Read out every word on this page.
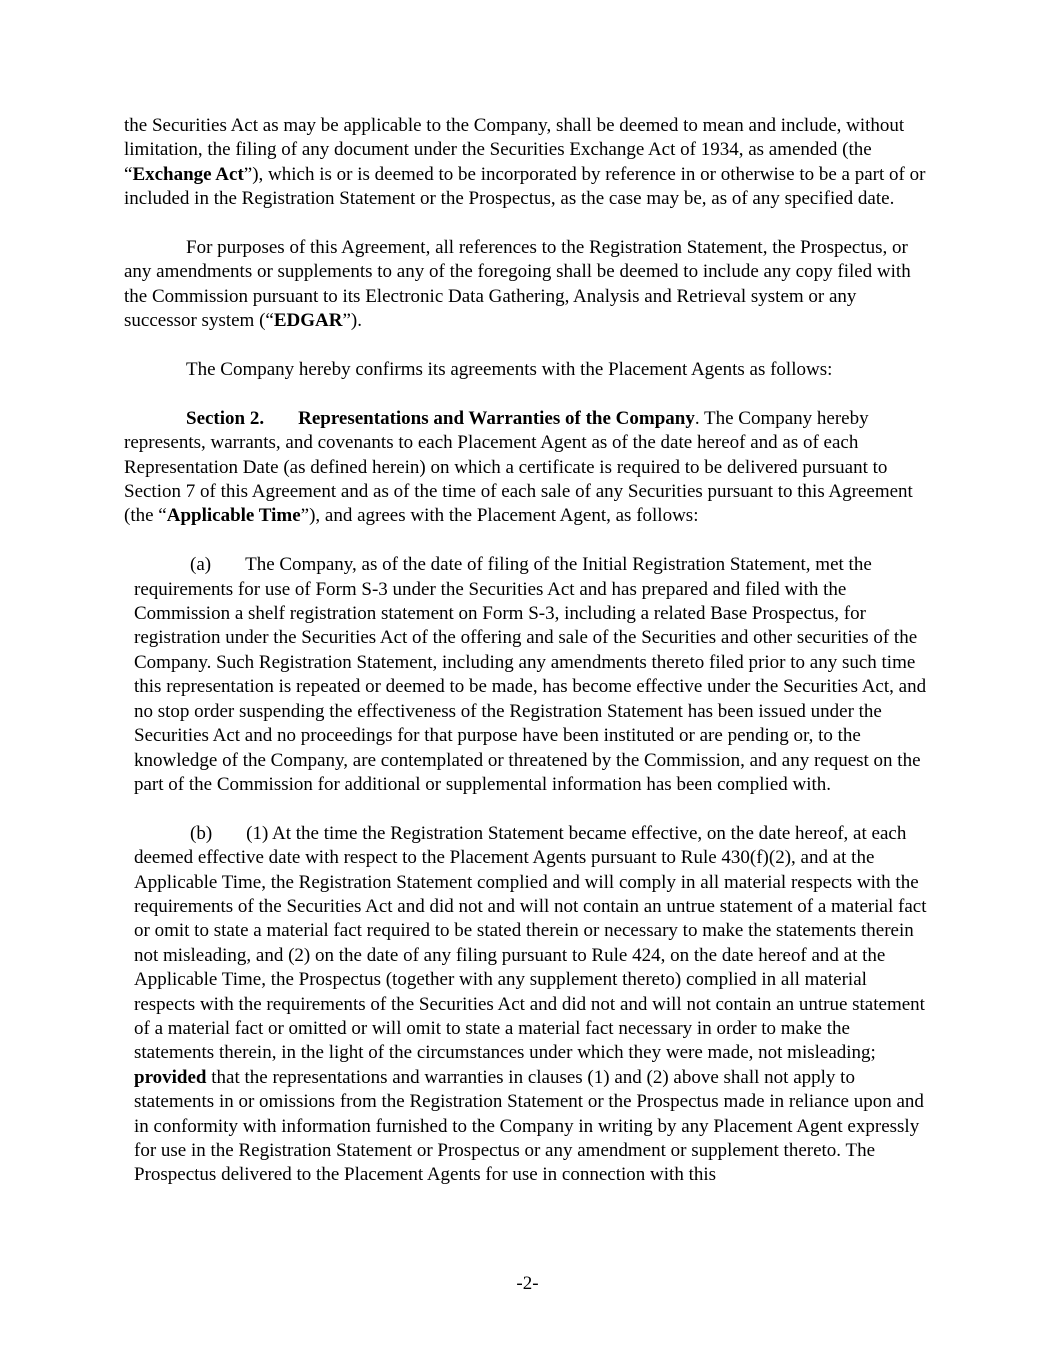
the Securities Act as may be applicable to the Company, shall be deemed to mean and include, without limitation, the filing of any document under the Securities Exchange Act of 1934, as amended (the “Exchange Act”), which is or is deemed to be incorporated by reference in or otherwise to be a part of or included in the Registration Statement or the Prospectus, as the case may be, as of any specified date.

For purposes of this Agreement, all references to the Registration Statement, the Prospectus, or any amendments or supplements to any of the foregoing shall be deemed to include any copy filed with the Commission pursuant to its Electronic Data Gathering, Analysis and Retrieval system or any successor system (“EDGAR”).

The Company hereby confirms its agreements with the Placement Agents as follows:

Section 2. Representations and Warranties of the Company. The Company hereby represents, warrants, and covenants to each Placement Agent as of the date hereof and as of each Representation Date (as defined herein) on which a certificate is required to be delivered pursuant to Section 7 of this Agreement and as of the time of each sale of any Securities pursuant to this Agreement (the “Applicable Time”), and agrees with the Placement Agent, as follows:

(a) The Company, as of the date of filing of the Initial Registration Statement, met the requirements for use of Form S-3 under the Securities Act and has prepared and filed with the Commission a shelf registration statement on Form S-3, including a related Base Prospectus, for registration under the Securities Act of the offering and sale of the Securities and other securities of the Company. Such Registration Statement, including any amendments thereto filed prior to any such time this representation is repeated or deemed to be made, has become effective under the Securities Act, and no stop order suspending the effectiveness of the Registration Statement has been issued under the Securities Act and no proceedings for that purpose have been instituted or are pending or, to the knowledge of the Company, are contemplated or threatened by the Commission, and any request on the part of the Commission for additional or supplemental information has been complied with.

(b) (1) At the time the Registration Statement became effective, on the date hereof, at each deemed effective date with respect to the Placement Agents pursuant to Rule 430(f)(2), and at the Applicable Time, the Registration Statement complied and will comply in all material respects with the requirements of the Securities Act and did not and will not contain an untrue statement of a material fact or omit to state a material fact required to be stated therein or necessary to make the statements therein not misleading, and (2) on the date of any filing pursuant to Rule 424, on the date hereof and at the Applicable Time, the Prospectus (together with any supplement thereto) complied in all material respects with the requirements of the Securities Act and did not and will not contain an untrue statement of a material fact or omitted or will omit to state a material fact necessary in order to make the statements therein, in the light of the circumstances under which they were made, not misleading; provided that the representations and warranties in clauses (1) and (2) above shall not apply to statements in or omissions from the Registration Statement or the Prospectus made in reliance upon and in conformity with information furnished to the Company in writing by any Placement Agent expressly for use in the Registration Statement or Prospectus or any amendment or supplement thereto. The Prospectus delivered to the Placement Agents for use in connection with this

-2-
